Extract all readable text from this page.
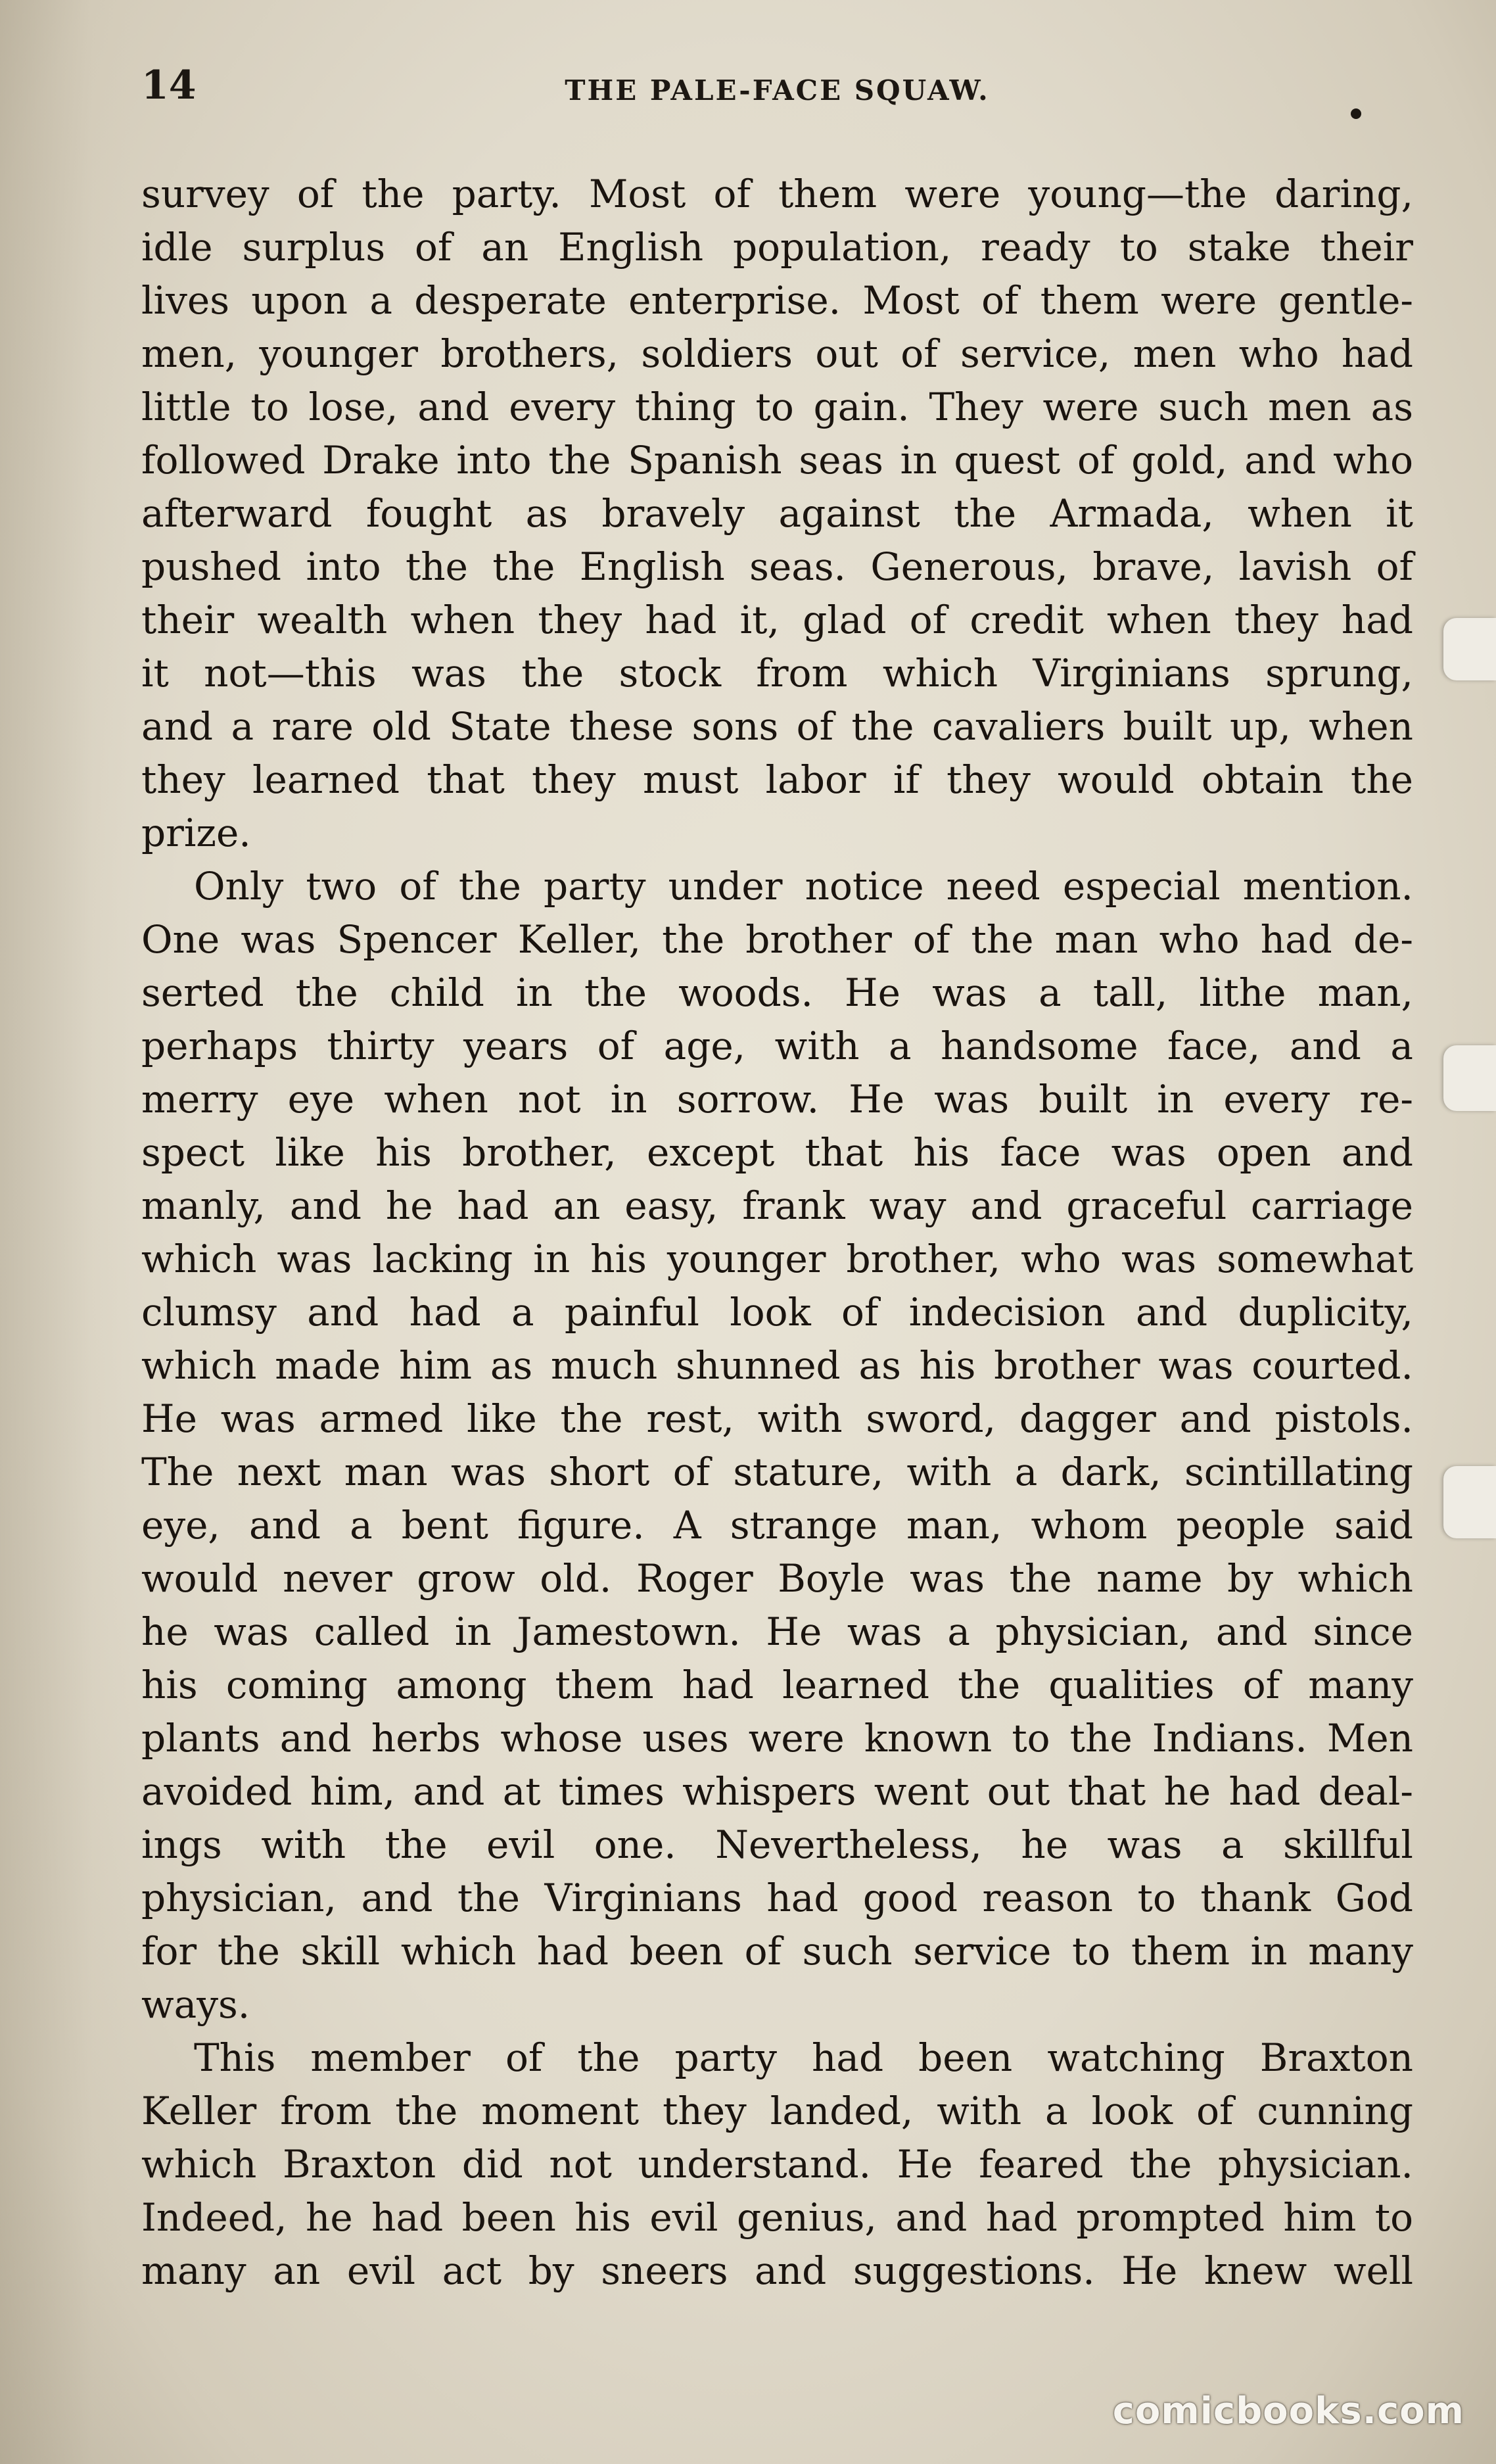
14	THE PALE-FACE SQUAW.
survey of the party. Most of them were young—the daring,
idle surplus of an English population, ready to stake their
lives upon a desperate enterprise. Most of them were gentle-
men, younger brothers, soldiers out of service, men who had
little to lose, and every thing to gain. They were such men as
followed Drake into the Spanish seas in quest of gold, and who
afterward fought as bravely against the Armada, when it
pushed into the the English seas. Generous, brave, lavish of
their wealth when they had it, glad of credit when they had
it not—this was the stock from which Virginians sprung,
and a rare old State these sons of the cavaliers built up, when
they learned that they must labor if they would obtain the
prize.
Only two of the party under notice need especial mention.
One was Spencer Keller, the brother of the man who had de-
serted the child in the woods. He was a tall, lithe man,
perhaps thirty years of age, with a handsome face, and a
merry eye when not in sorrow. He was built in every re-
spect like his brother, except that his face was open and
manly, and he had an easy, frank way and graceful carriage
which was lacking in his younger brother, who was somewhat
clumsy and had a painful look of indecision and duplicity,
which made him as much shunned as his brother was courted.
He was armed like the rest, with sword, dagger and pistols.
The next man was short of stature, with a dark, scintillating
eye, and a bent figure. A strange man, whom people said
would never grow old. Roger Boyle was the name by which
he was called in Jamestown. He was a physician, and since
his coming among them had learned the qualities of many
plants and herbs whose uses were known to the Indians. Men
avoided him, and at times whispers went out that he had deal-
ings with the evil one. Nevertheless, he was a skillful
physician, and the Virginians had good reason to thank God
for the skill which had been of such service to them in many
ways.
This member of the party had been watching Braxton
Keller from the moment they landed, with a look of cunning
which Braxton did not understand. He feared the physician.
Indeed, he had been his evil genius, and had prompted him to
many an evil act by sneers and suggestions. He knew well
comicbooks.com
